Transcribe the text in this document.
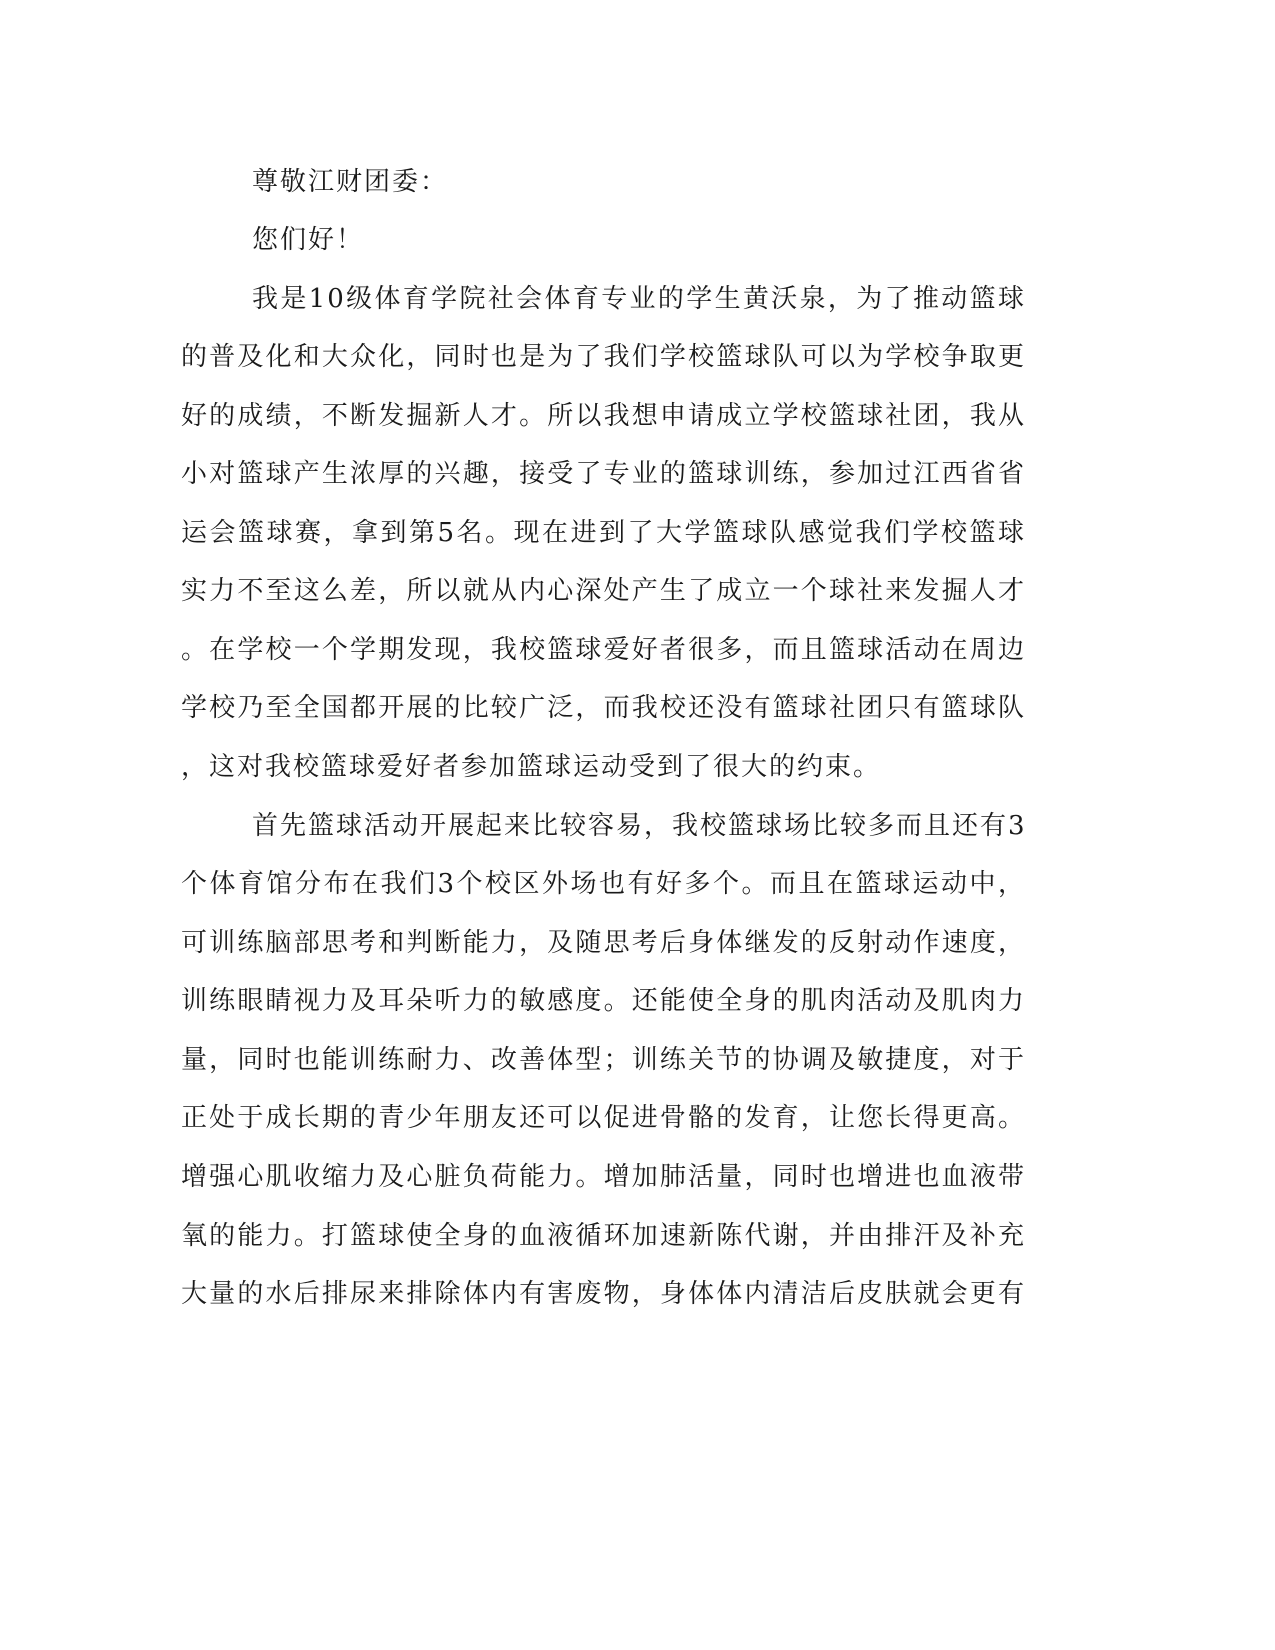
尊敬江财团委：
您们好！
我是10级体育学院社会体育专业的学生黄沃泉，为了推动篮球
的普及化和大众化，同时也是为了我们学校篮球队可以为学校争取更
好的成绩，不断发掘新人才。所以我想申请成立学校篮球社团，我从
小对篮球产生浓厚的兴趣，接受了专业的篮球训练，参加过江西省省
运会篮球赛，拿到第5名。现在进到了大学篮球队感觉我们学校篮球
实力不至这么差，所以就从内心深处产生了成立一个球社来发掘人才
。在学校一个学期发现，我校篮球爱好者很多，而且篮球活动在周边
学校乃至全国都开展的比较广泛，而我校还没有篮球社团只有篮球队
，这对我校篮球爱好者参加篮球运动受到了很大的约束。
首先篮球活动开展起来比较容易，我校篮球场比较多而且还有3
个体育馆分布在我们3个校区外场也有好多个。而且在篮球运动中，
可训练脑部思考和判断能力，及随思考后身体继发的反射动作速度，
训练眼睛视力及耳朵听力的敏感度。还能使全身的肌肉活动及肌肉力
量，同时也能训练耐力、改善体型；训练关节的协调及敏捷度，对于
正处于成长期的青少年朋友还可以促进骨骼的发育，让您长得更高。
增强心肌收缩力及心脏负荷能力。增加肺活量，同时也增进也血液带
氧的能力。打篮球使全身的血液循环加速新陈代谢，并由排汗及补充
大量的水后排尿来排除体内有害废物，身体体内清洁后皮肤就会更有
